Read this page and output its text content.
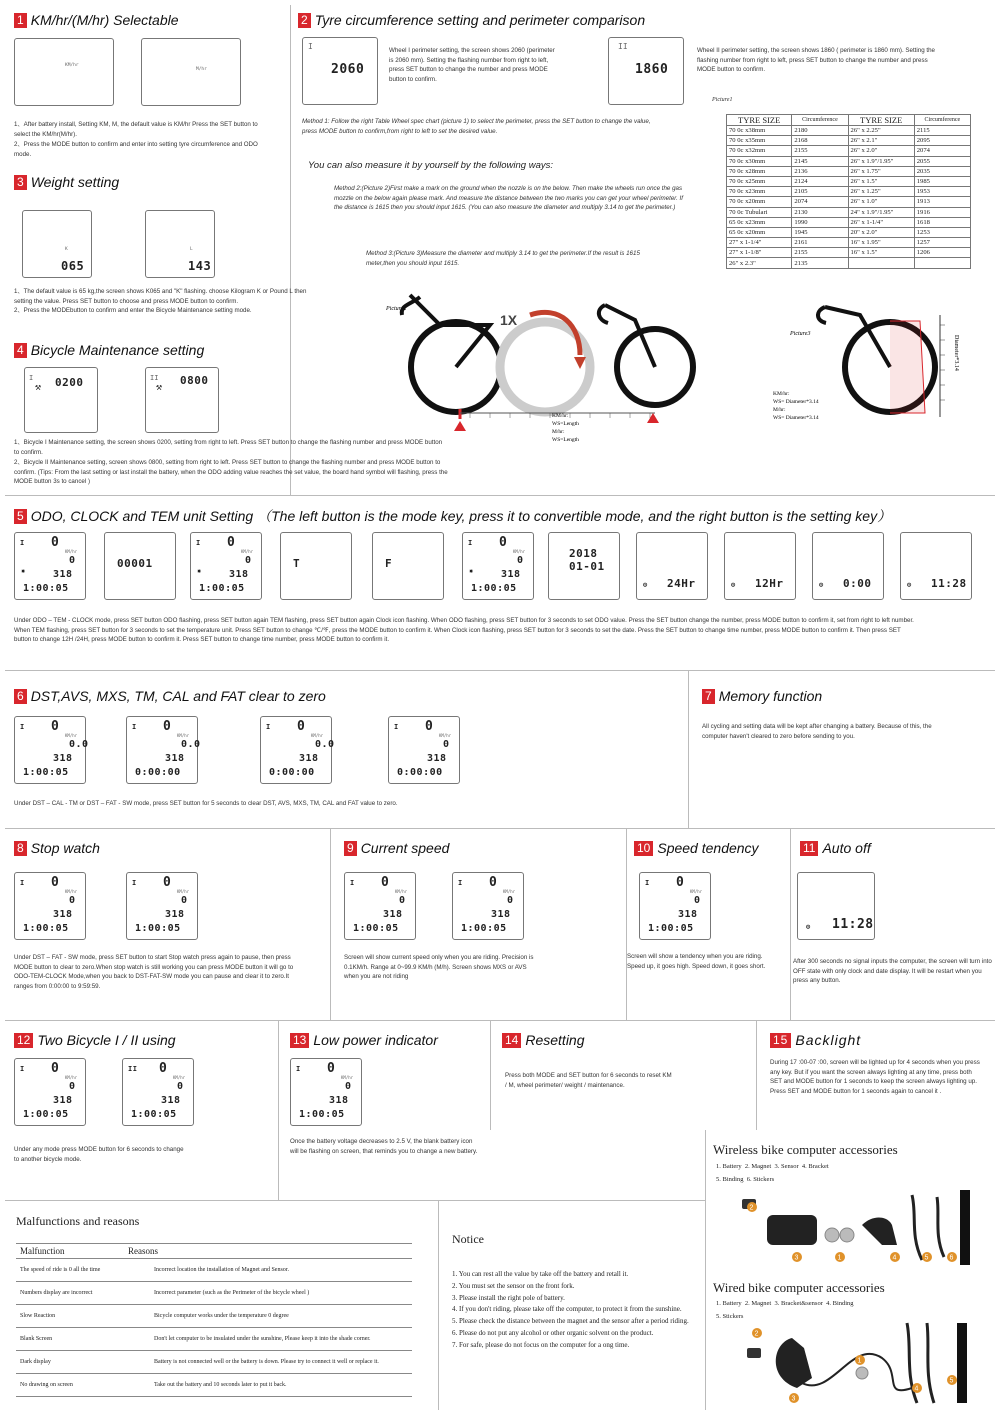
1 KM/hr/(M/hr) Selectable
KM/hr
M/hr
1、After battery install, Setting KM, M, the default value is KM/hr Press the SET button to select the KM/hr(M/hr).
2、Press the MODE button to confirm and enter into setting tyre circumference and ODO mode.
3 Weight setting
K
065
L
143
1、The default value is 65 kg,the screen shows K065 and "K" flashing. choose Kilogram K or Pound L then setting the value. Press SET button to choose and press MODE button to confirm.
2、Press the MODEbutton to confirm and enter the Bicycle Maintenance setting mode.
4 Bicycle Maintenance setting
I
⚒ 0200	II
⚒
0800
1、Bicycle I Maintenance setting, the screen shows 0200, setting from right to left. Press SET button to change the flashing number and press MODE button to confirm.
2、Bicycle II Maintenance setting, screen shows 0800, setting from right to left. Press SET button to change the flashing number and press MODE button to confirm. (Tips: From the last setting or last install the battery, when the ODO adding value reaches the set value, the board hand symbol will flashing, press the MODE button 3s to cancel )
2 Tyre circumference setting and perimeter comparison
I
2060
Wheel I perimeter setting, the screen shows 2060 (perimeter is 2060 mm). Setting the flashing number from right to left, press SET button to change the number and press MODE button to confirm.
II
1860
Wheel II perimeter setting, the screen shows 1860 ( perimeter is 1860 mm). Setting the flashing number from right to left, press SET button to change the number and press MODE button to confirm.
Picture1
Method 1: Follow the right Table Wheel spec chart (picture 1) to select the perimeter, press the SET button to change the value, press MODE button to confirm,from right to left to set the desired value.
You can also measure it by yourself by the following ways:
Method 2:(Picture 2)First make a mark on the ground when the nozzle is on the below. Then make the wheels run once the gas mozzle on the below again please mark. And measure the distance between the two marks you can get your wheel perimeter. If the distance is 1615 then you should input 1615. (You can also measure the diameter and multiply 3.14 to get the perimeter.)
Method 3:(Picture 3)Measure the diameter and multiply 3.14 to get the perimeter.If the result is 1615 meter,then you should input 1615.
TYRE SIZE	Circumference	TYRE SIZE	Circumference
70 0c x38mm	2180	26" x 2.25"	2115
70 0c x35mm	2168	26" x 2.1"	2095
70 0c x32mm	2155	26" x 2.0"	2074
70 0c x30mm	2145	26" x 1.9"/1.95"	2055
70 0c x28mm	2136	26" x 1.75"	2035
70 0c x25mm	2124	26" x 1.5"	1985
70 0c x23mm	2105	26" x 1.25"	1953
70 0c x20mm	2074	26" x 1.0"	1913
70 0c Tubulari	2130	24" x 1.9"/1.95"	1916
65 0c x23mm	1990	26" x 1-1/4"	1618
65 0c x20mm	1945	20" x 2.0"	1253
27" x 1-1/4"	2161	16" x 1.95"	1257
27" x 1-1/8"	2155	16" x 1.5"	1206
26" x 2.3"	2135		
Picture2
1X
KM/hr:
WS=Length
M/hr:
WS=Length
Picture3
Diameter*3.14
KM/hr:
WS= Diameter*3.14
M/hr:
WS= Diameter*3.14
5 ODO, CLOCK and TEM unit Setting （The left button is the mode key, press it to convertible mode, and the right button is the setting key）
I 0
KM/hr
0
318
1:00:05
✸
00001
I 0
KM/hr
0
318
1:00:05
✸
T	F
I 0
KM/hr
0
318
1:00:05
✸
2018
01-01
24Hr
⊙	12Hr
⊙	0:00
⊙	11:28
⊙
Under ODO – TEM - CLOCK mode, press SET button ODO flashing, press SET button again TEM flashing, press SET button again Clock icon flashing. When ODO flashing, press SET button for 3 seconds to set ODO value. Press the SET button change the number, press MODE button to confirm it, set from right to left number. When TEM flashing, press SET button for 3 seconds to set the temperature unit. Press SET button to change ℃/℉, press the MODE button to confirm it. When Clock icon flashing, press SET button for 3 seconds to set the date. Press the SET button to change time number, press MODE button to confirm it. Then press SET button to change 12H /24H, press MODE button to confirm it. Press SET button to change time number, press MODE button to confirm it.
6 DST,AVS, MXS, TM, CAL and FAT clear to zero
I 0
KM/hr
0.0
318
1:00:05
I 0
KM/hr
0.0
318
0:00:00
I 0
KM/hr
0.0
318
0:00:00
I 0
KM/hr
0
318
0:00:00
Under DST – CAL - TM or DST – FAT - SW mode, press SET button for 5 seconds to clear DST, AVS, MXS, TM, CAL and FAT value to zero.
7 Memory function
All cycling and setting data will be kept after changing a battery. Because of this, the computer haven't cleared to zero before sending to you.
8 Stop watch
I 0
KM/hr
0
318
1:00:05
I 0
KM/hr
0
318
1:00:05
Under DST – FAT - SW mode, press SET button to start Stop watch press again to pause, then press MODE button to clear to zero.When stop watch is still working you can press MODE button it will go to ODO-TEM-CLOCK Mode,when you back to DST-FAT-SW mode you can pause and clear it to zero.It ranges from 0:00:00 to 9:59:59.
9 Current speed
I 0
KM/hr
0
318
1:00:05
I 0
KM/hr
0
318
1:00:05
Screen will show current speed only when you are riding. Precision is 0.1KM/h. Range at 0~99.9 KM/h (M/h). Screen shows MXS or AVS when you are not riding
10 Speed tendency
I 0
KM/hr
0
318
1:00:05
Screen will show a tendency when you are riding. Speed up, it goes high. Speed down, it goes short.
11 Auto off
⊙ 11:28
After 300 seconds no signal inputs the computer, the screen will turn into OFF state with only clock and date display. It will be restart when you press any button.
12 Two Bicycle I / II using
I 0
KM/hr
0
318
1:00:05
II 0
KM/hr
0
318
1:00:05
Under any mode press MODE button for 6 seconds to change to another bicycle mode.
13 Low power indicator
I 0
KM/hr
0
318
1:00:05
Once the battery voltage decreases to 2.5 V, the blank battery icon will be flashing on screen, that reminds you to change a new battery.
14 Resetting
Press both MODE and SET button for 6 seconds to reset KM / M, wheel perimeter/ weight / maintenance.
15 Backlight
During 17 :00-07 :00, screen will be lighted up for 4 seconds when you press any key. But if you want the screen always lighting at any time, press both SET and MODE button for 1 seconds to keep the screen always lighting up. Press SET and MODE button for 1 seconds again to cancel it .
Wireless bike computer accessories
1. Battery  2. Magnet  3. Sensor  4. Bracket
5. Binding  6. Stickers
2
3	1	4	5	6
Wired bike computer accessories
1. Battery  2. Magnet  3. Bracket&sensor  4. Binding
5. Stickers
2
3
1
4
5
Malfunctions and reasons
Malfunction	Reasons
The speed of ride is 0 all the time	Incorrect location the installation of Magnet and Sensor.
Numbers display are incorrect	Incorrect parameter (such as the Perimeter of the bicycle wheel )
Slow Reaction	Bicycle computer works under the temperature 0 degree
Blank Screen	Don't let computer to be insulated under the sunshine, Please keep it into the shade corner.
Dark display	Battery is not connected well or the battery is down. Please try to connect it well or replace it.
No drawing on screen	Take out the battery and 10 seconds later to put it back.
Notice
1. You can rest all the value by take off the battery and retall it.
2. You must set the sensor on the front fork.
3. Please install the right pole of battery.
4. If you don't riding, please take off the computer, to protect it from the sunshine.
5. Please check the distance between the magnet and the sensor after a period riding.
6. Please do not put any alcohol or other organic solvent on the product.
7. For safe, please do not focus on the computer for a ong time.
